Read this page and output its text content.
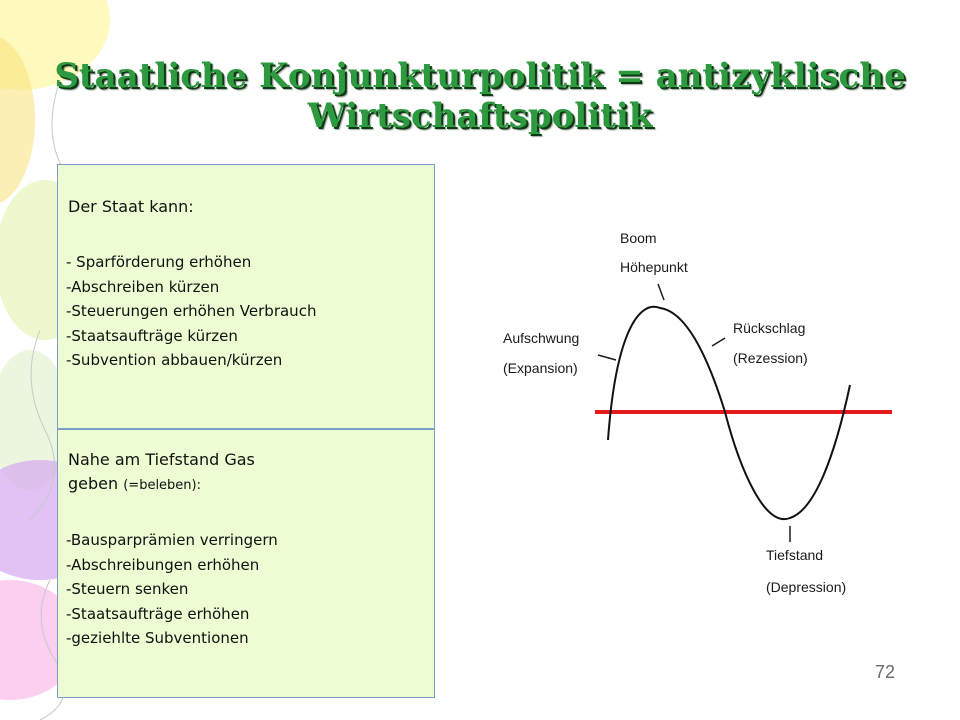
Staatliche Konjunkturpolitik = antizyklische
Wirtschaftspolitik
Der Staat kann:
- Sparförderung erhöhen
-Abschreiben kürzen
-Steuerungen erhöhen Verbrauch
-Staatsaufträge kürzen
-Subvention abbauen/kürzen
Nahe am Tiefstand Gas
geben (=beleben):
-Bausparprämien verringern
-Abschreibungen erhöhen
-Steuern senken
-Staatsaufträge erhöhen
-geziehlte Subventionen
Boom
Höhepunkt
Aufschwung
(Expansion)
Rückschlag
(Rezession)
Tiefstand
(Depression)
72
